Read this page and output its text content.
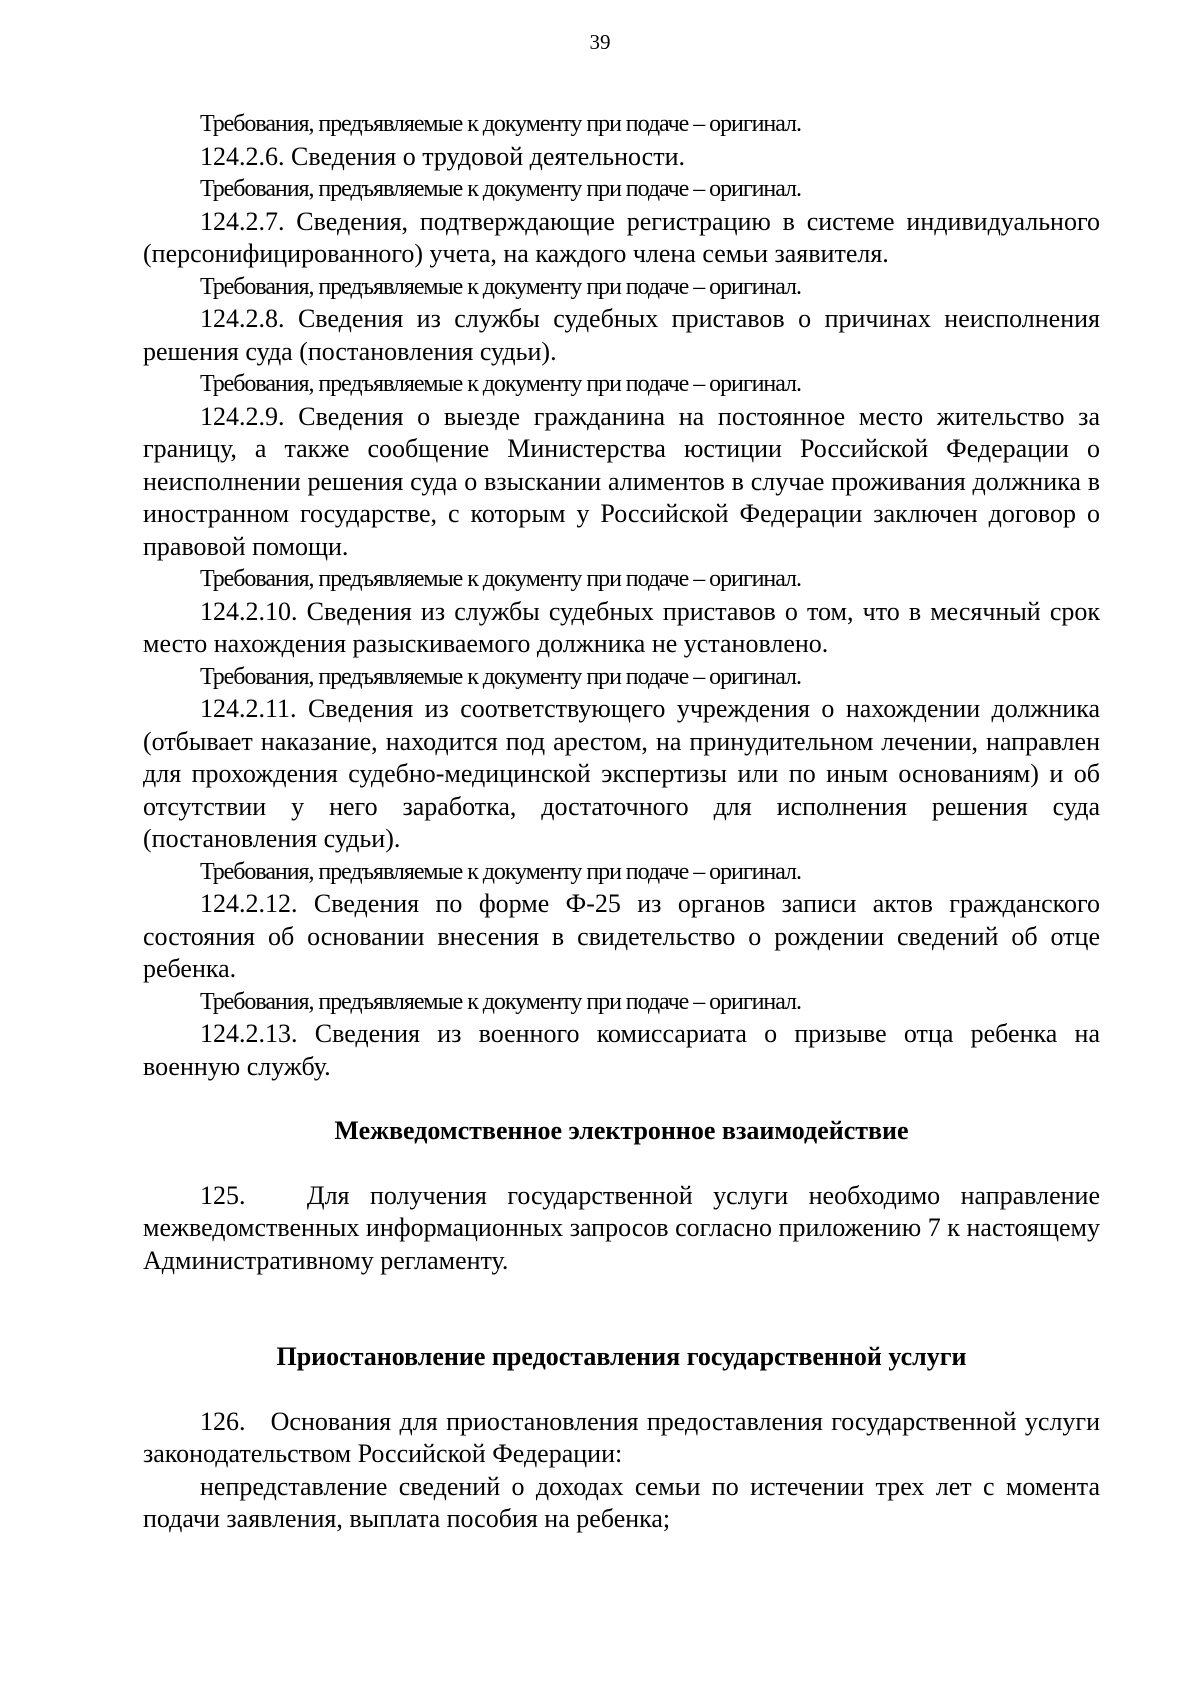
39

Требования, предъявляемые к документу при подаче – оригинал.

124.2.6. Сведения о трудовой деятельности.

Требования, предъявляемые к документу при подаче – оригинал.

124.2.7. Сведения, подтверждающие регистрацию в системе индивидуального (персонифицированного) учета, на каждого члена семьи заявителя.

Требования, предъявляемые к документу при подаче – оригинал.

124.2.8. Сведения из службы судебных приставов о причинах неисполнения решения суда (постановления судьи).

Требования, предъявляемые к документу при подаче – оригинал.

124.2.9. Сведения о выезде гражданина на постоянное место жительство за границу, а также сообщение Министерства юстиции Российской Федерации о неисполнении решения суда о взыскании алиментов в случае проживания должника в иностранном государстве, с которым у Российской Федерации заключен договор о правовой помощи.

Требования, предъявляемые к документу при подаче – оригинал.

124.2.10. Сведения из службы судебных приставов о том, что в месячный срок место нахождения разыскиваемого должника не установлено.

Требования, предъявляемые к документу при подаче – оригинал.

124.2.11. Сведения из соответствующего учреждения о нахождении должника (отбывает наказание, находится под арестом, на принудительном лечении, направлен для прохождения судебно-медицинской экспертизы или по иным основаниям) и об отсутствии у него заработка, достаточного для исполнения решения суда (постановления судьи).

Требования, предъявляемые к документу при подаче – оригинал.

124.2.12. Сведения по форме Ф-25 из органов записи актов гражданского состояния об основании внесения в свидетельство о рождении сведений об отце ребенка.

Требования, предъявляемые к документу при подаче – оригинал.

124.2.13. Сведения из военного комиссариата о призыве отца ребенка на военную службу.

Межведомственное электронное взаимодействие

125.   Для получения государственной услуги необходимо направление межведомственных информационных запросов согласно приложению 7 к настоящему Административному регламенту.

Приостановление предоставления государственной услуги

126.   Основания для приостановления предоставления государственной услуги законодательством Российской Федерации:

непредставление сведений о доходах семьи по истечении трех лет с момента подачи заявления, выплата пособия на ребенка;
